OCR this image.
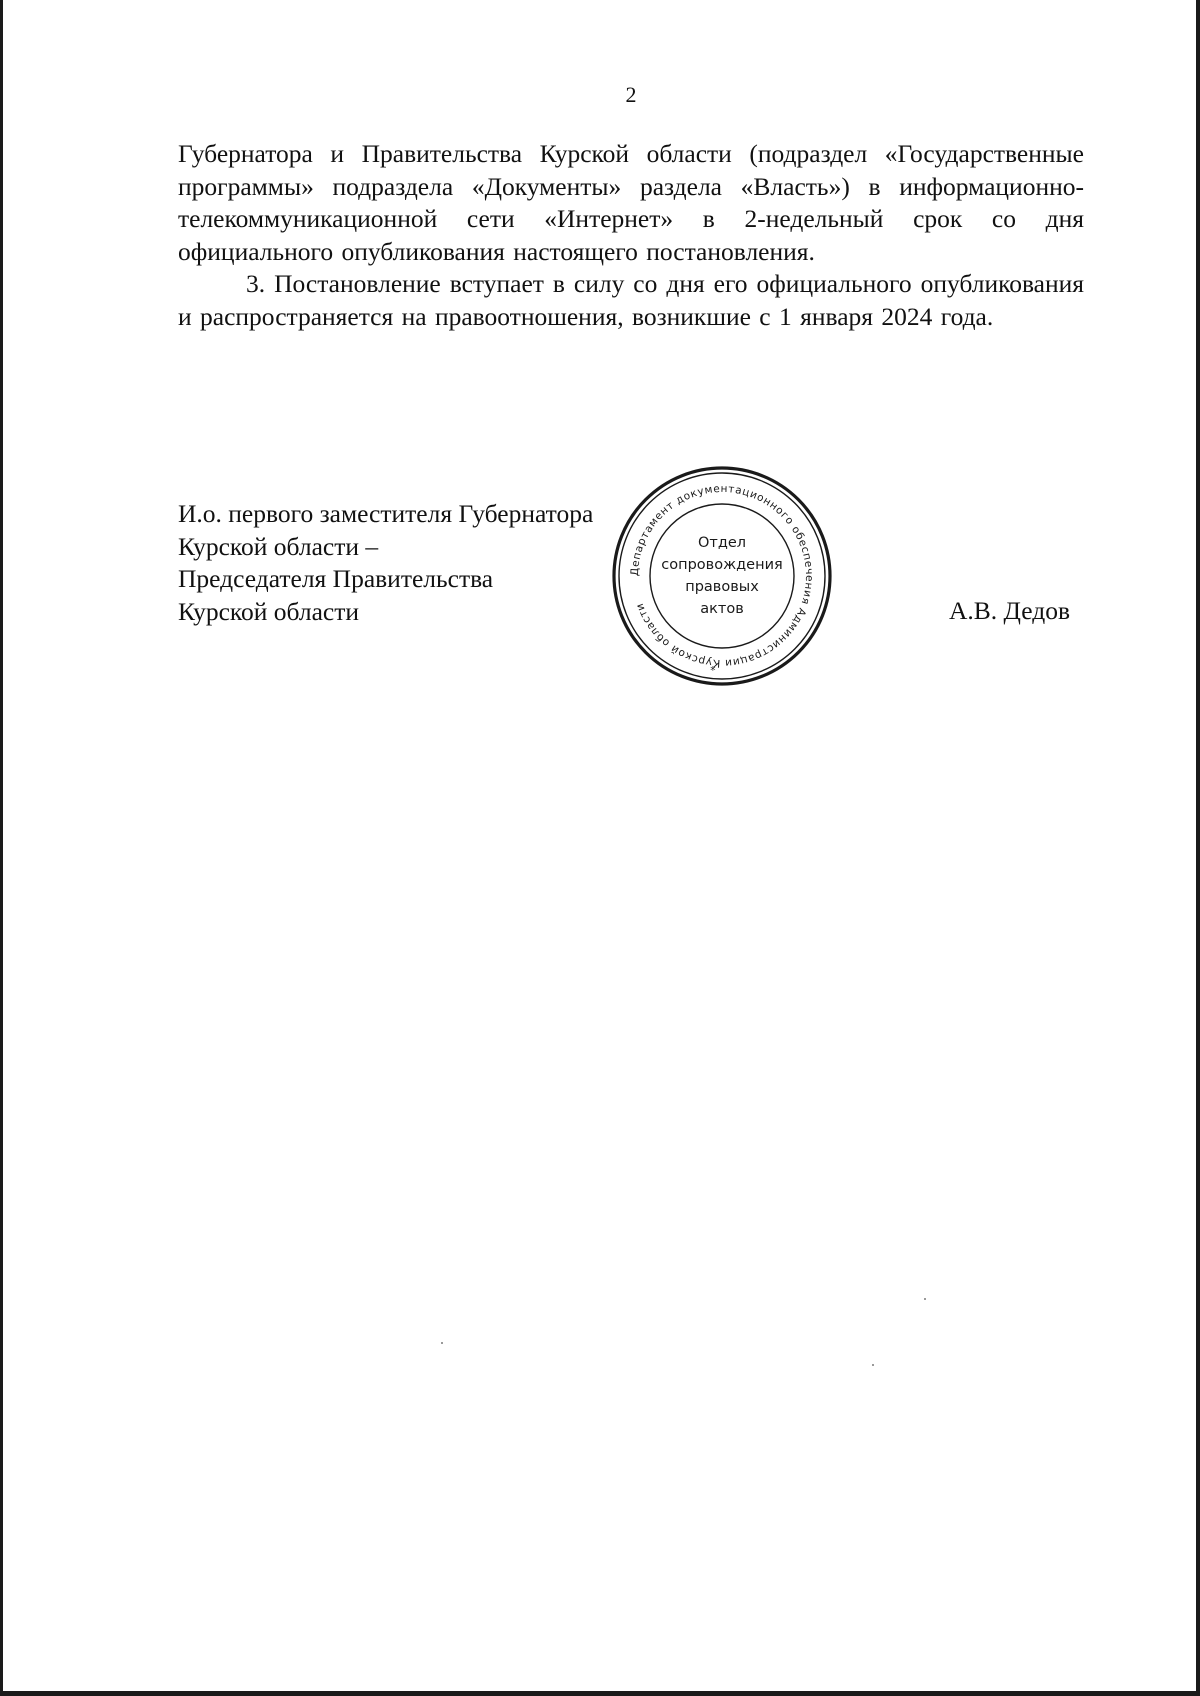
2

Губернатора и Правительства Курской области (подраздел «Государственные программы» подраздела «Документы» раздела «Власть») в информационно-телекоммуникационной сети «Интернет» в 2-недельный срок со дня официального опубликования настоящего постановления.

3. Постановление вступает в силу со дня его официального опубликования и распространяется на правоотношения, возникшие с 1 января 2024 года.

И.о. первого заместителя Губернатора
Курской области –
Председателя Правительства
Курской области	А.В. Дедов
Департамент документационного обеспечения Администрации Курской области
Отдел
сопровождения
правовых
актов
*
